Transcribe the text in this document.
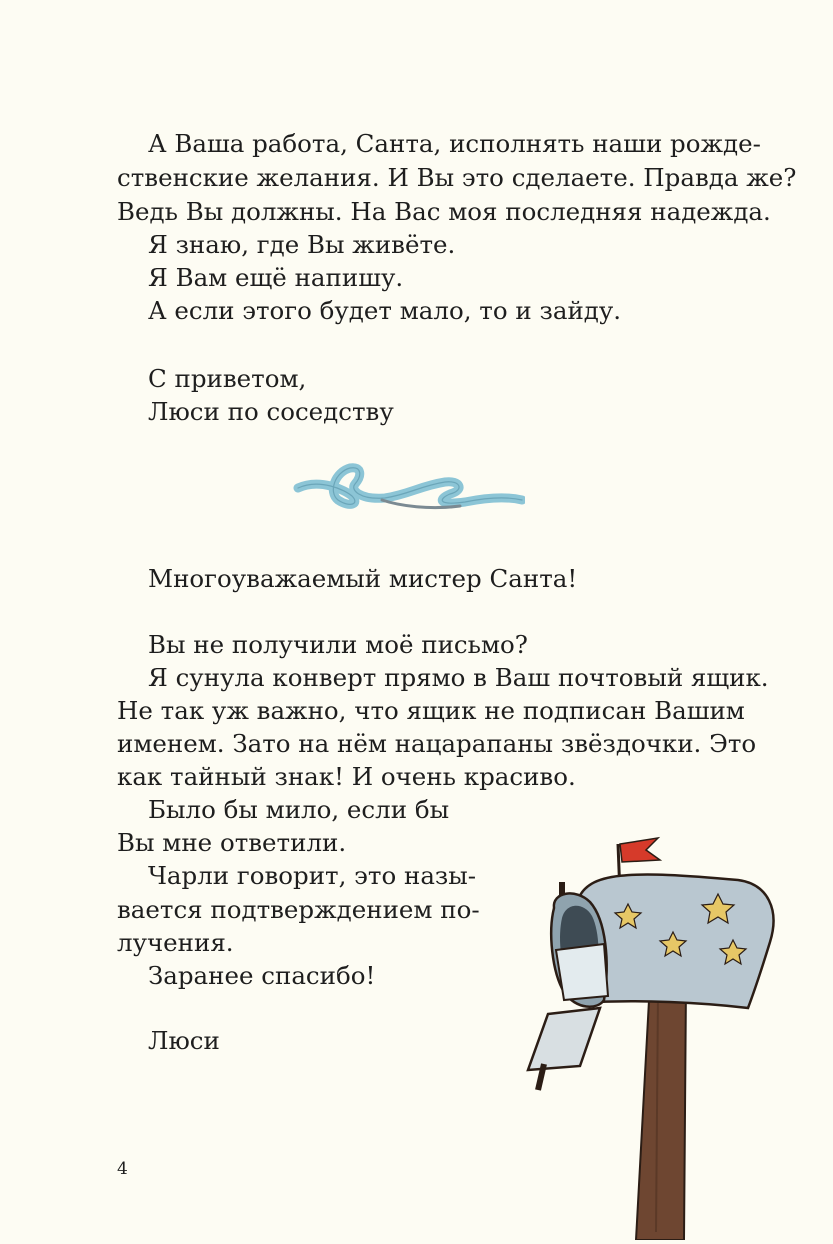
А Ваша работа, Санта, исполнять наши рожде-

ственские желания. И Вы это сделаете. Правда же?

Ведь Вы должны. На Вас моя последняя надежда.

Я знаю, где Вы живёте.

Я Вам ещё напишу.

А если этого будет мало, то и зайду.

С приветом,

Люси по соседству

Многоуважаемый мистер Санта!

Вы не получили моё письмо?

Я сунула конверт прямо в Ваш почтовый ящик.

Не так уж важно, что ящик не подписан Вашим

именем. Зато на нём нацарапаны звёздочки. Это

как тайный знак! И очень красиво.

Было бы мило, если бы

Вы мне ответили.

Чарли говорит, это назы-

вается подтверждением по-

лучения.

Заранее спасибо!

Люси

4
